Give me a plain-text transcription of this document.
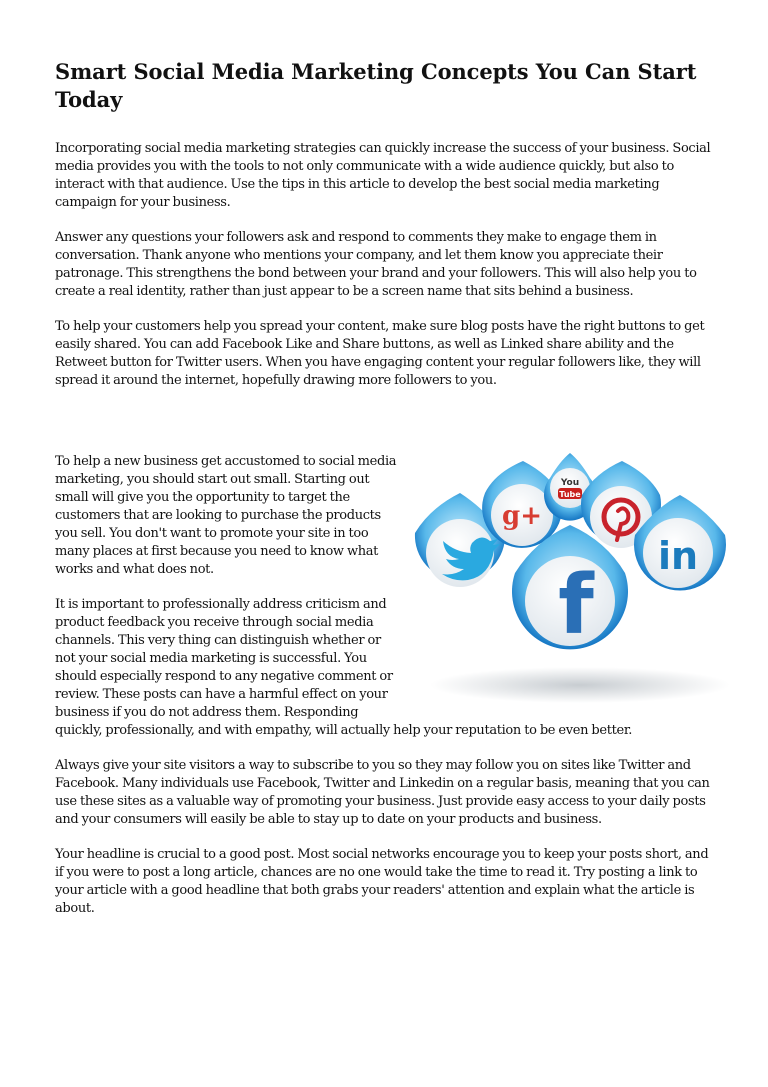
Smart Social Media Marketing Concepts You Can Start Today

Incorporating social media marketing strategies can quickly increase the success of your business. Social media provides you with the tools to not only communicate with a wide audience quickly, but also to interact with that audience. Use the tips in this article to develop the best social media marketing campaign for your business.

Answer any questions your followers ask and respond to comments they make to engage them in conversation. Thank anyone who mentions your company, and let them know you appreciate their patronage. This strengthens the bond between your brand and your followers. This will also help you to create a real identity, rather than just appear to be a screen name that sits behind a business.

To help your customers help you spread your content, make sure blog posts have the right buttons to get easily shared. You can add Facebook Like and Share buttons, as well as Linked share ability and the Retweet button for Twitter users. When you have engaging content your regular followers like, they will spread it around the internet, hopefully drawing more followers to you.

g+
You
Tube
in
f

To help a new business get accustomed to social media marketing, you should start out small. Starting out small will give you the opportunity to target the customers that are looking to purchase the products you sell. You don't want to promote your site in too many places at first because you need to know what works and what does not.

It is important to professionally address criticism and product feedback you receive through social media channels. This very thing can distinguish whether or not your social media marketing is successful. You should especially respond to any negative comment or review. These posts can have a harmful effect on your business if you do not address them. Responding quickly, professionally, and with empathy, will actually help your reputation to be even better.

Always give your site visitors a way to subscribe to you so they may follow you on sites like Twitter and Facebook. Many individuals use Facebook, Twitter and Linkedin on a regular basis, meaning that you can use these sites as a valuable way of promoting your business. Just provide easy access to your daily posts and your consumers will easily be able to stay up to date on your products and business.

Your headline is crucial to a good post. Most social networks encourage you to keep your posts short, and if you were to post a long article, chances are no one would take the time to read it. Try posting a link to your article with a good headline that both grabs your readers' attention and explain what the article is about.
